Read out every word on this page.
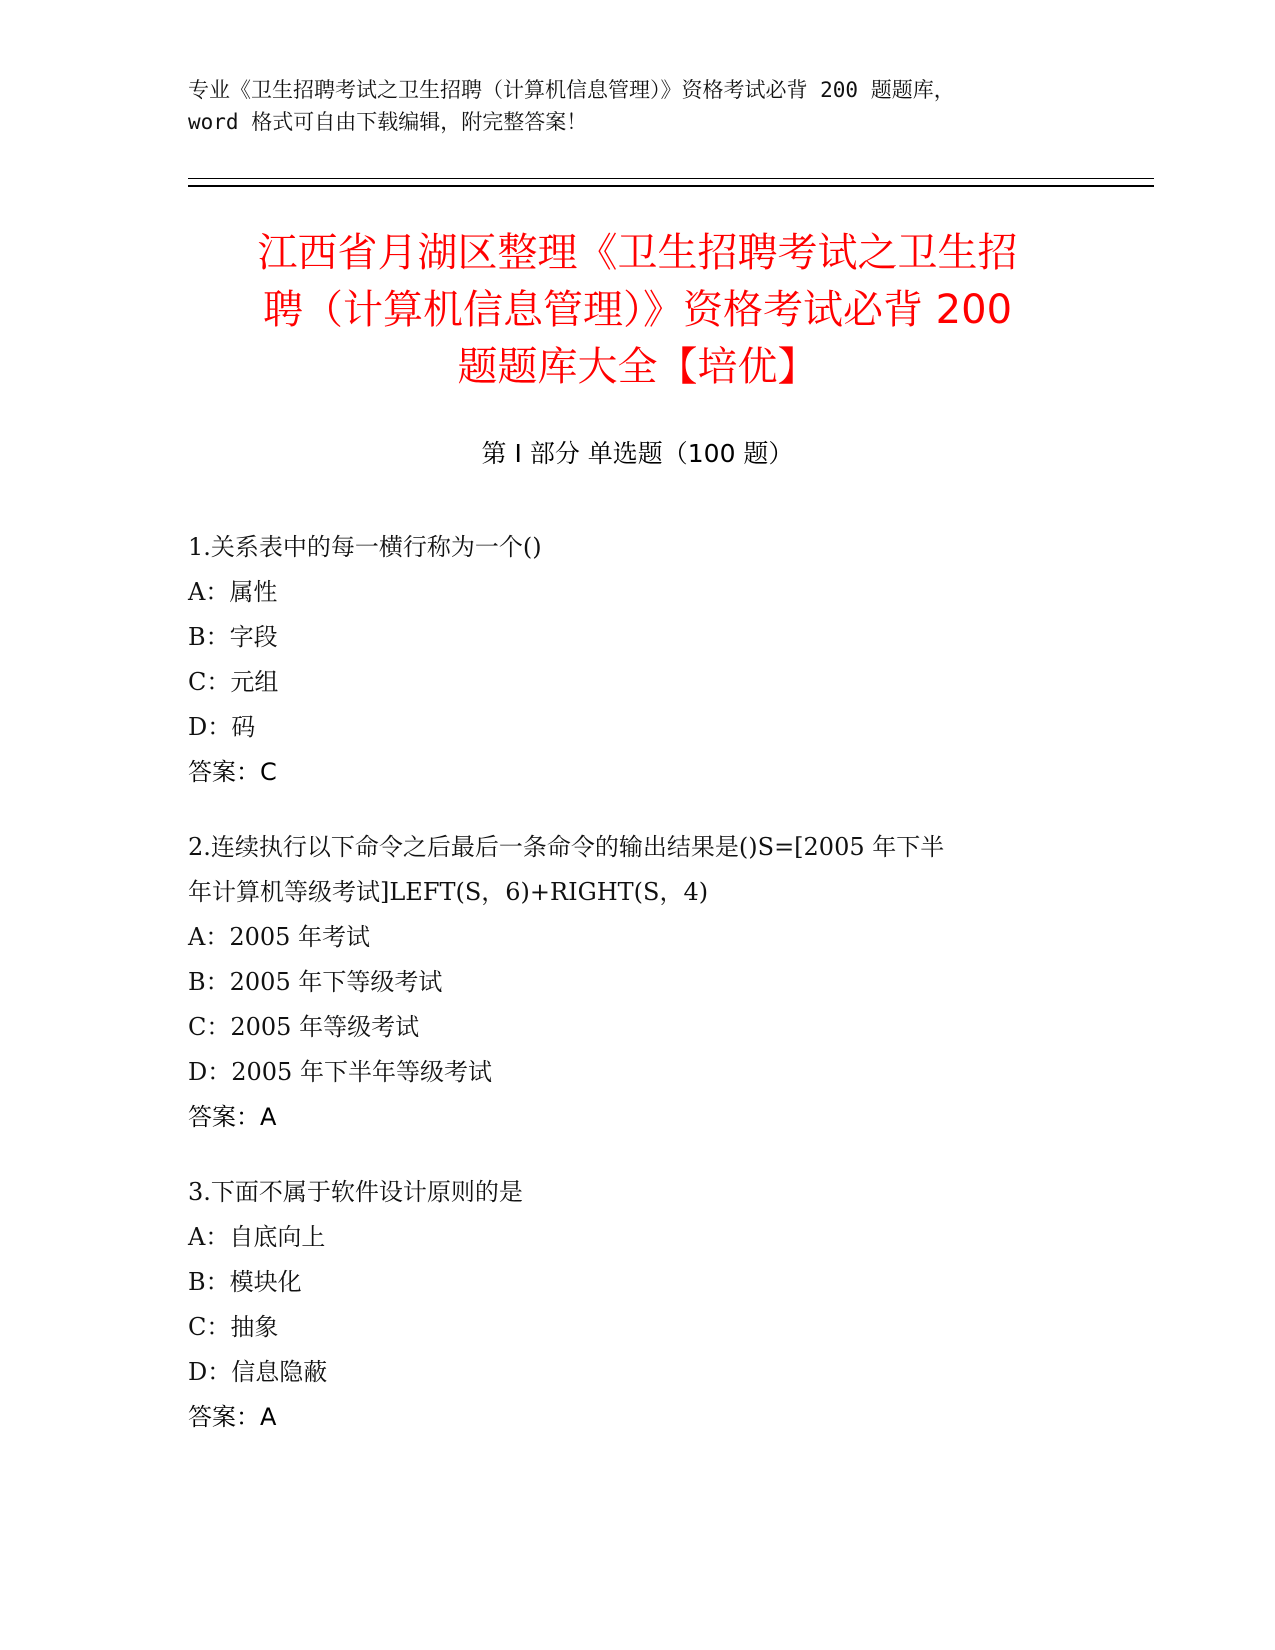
专业《卫生招聘考试之卫生招聘（计算机信息管理）》资格考试必背 200 题题库，
word 格式可自由下载编辑，附完整答案！
江西省月湖区整理《卫生招聘考试之卫生招
聘（计算机信息管理）》资格考试必背 200
题题库大全【培优】
第 I 部分 单选题（100 题）
1.关系表中的每一横行称为一个()
A：属性
B：字段
C：元组
D：码
答案：C
2.连续执行以下命令之后最后一条命令的输出结果是()S=[2005 年下半
年计算机等级考试]LEFT(S，6)+RIGHT(S，4)
A：2005 年考试
B：2005 年下等级考试
C：2005 年等级考试
D：2005 年下半年等级考试
答案：A
3.下面不属于软件设计原则的是
A：自底向上
B：模块化
C：抽象
D：信息隐蔽
答案：A
